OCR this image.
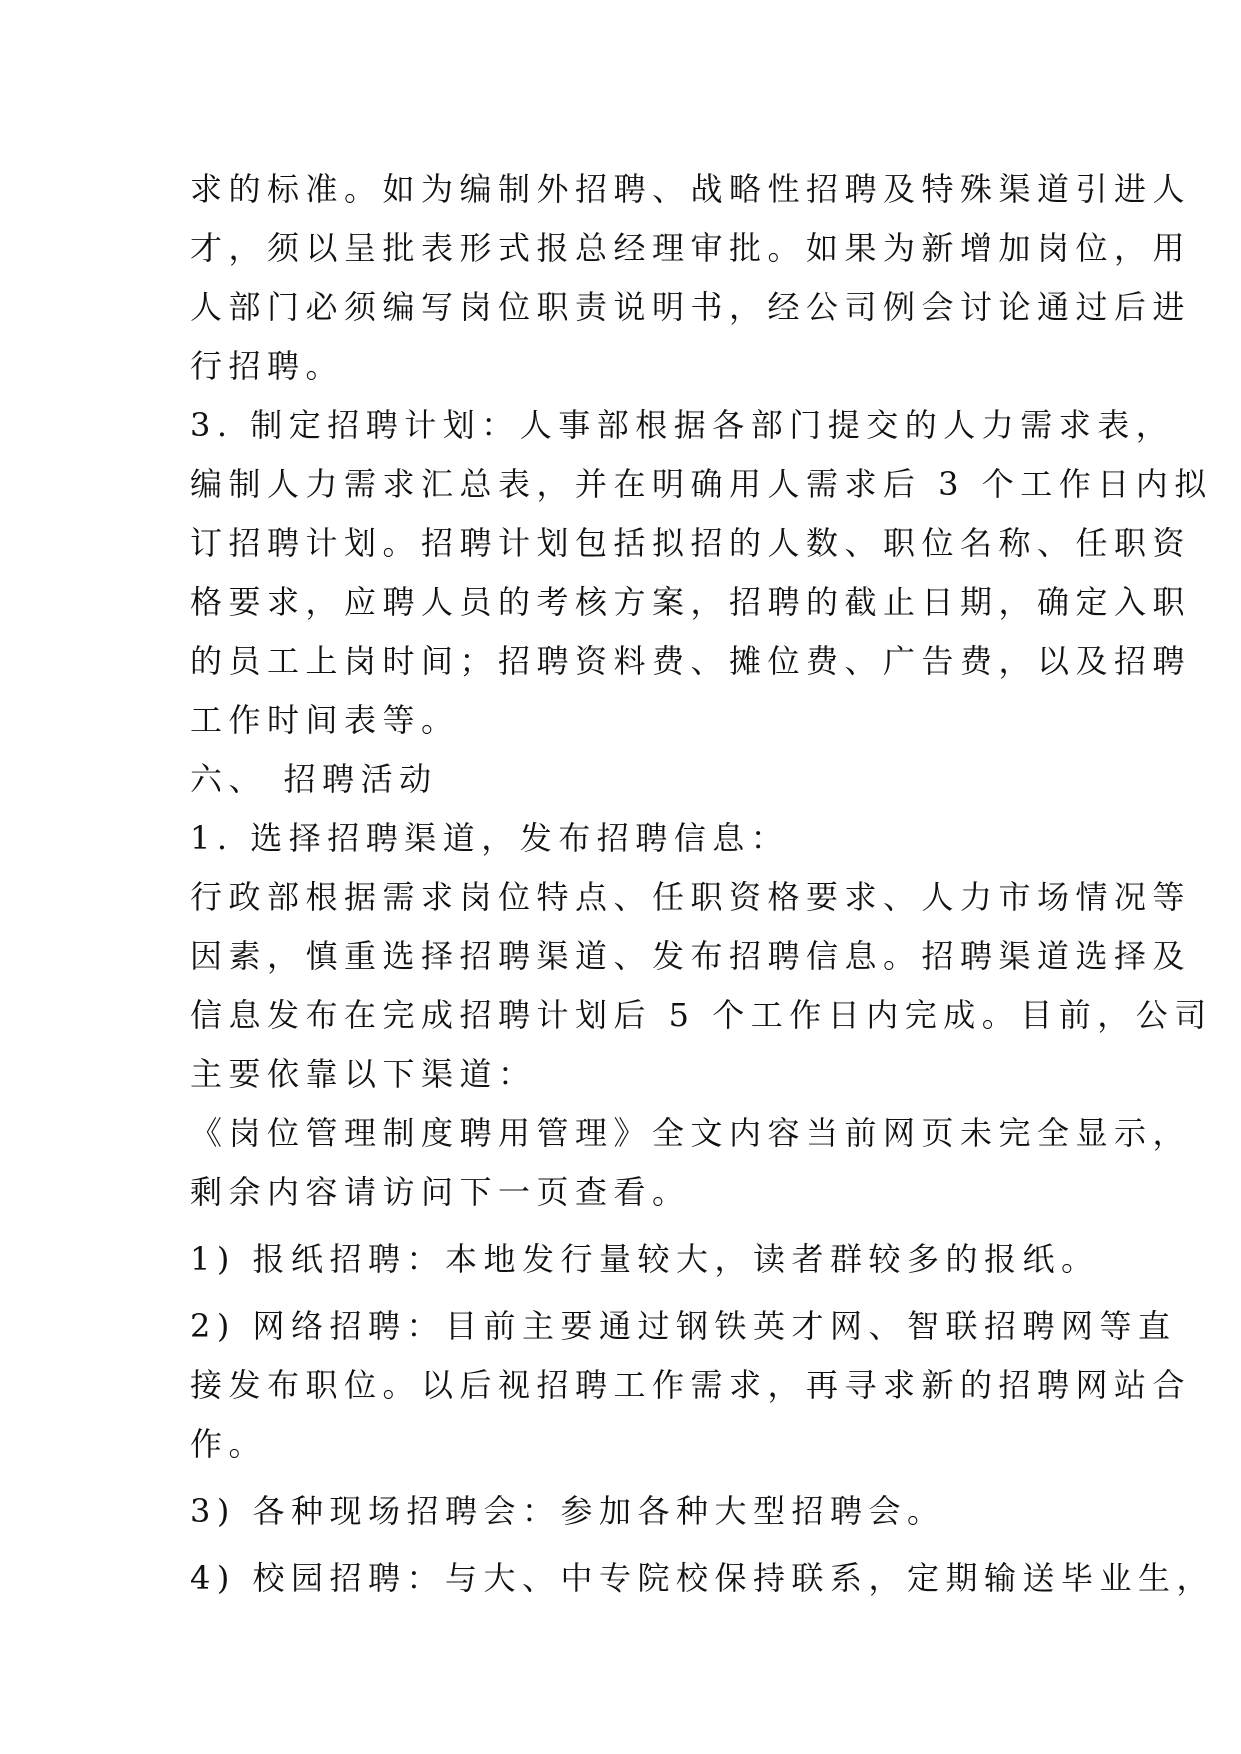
求的标准。如为编制外招聘、战略性招聘及特殊渠道引进人
才，须以呈批表形式报总经理审批。如果为新增加岗位，用
人部门必须编写岗位职责说明书，经公司例会讨论通过后进
行招聘。
3. 制定招聘计划：人事部根据各部门提交的人力需求表，
编制人力需求汇总表，并在明确用人需求后 3 个工作日内拟
订招聘计划。招聘计划包括拟招的人数、职位名称、任职资
格要求，应聘人员的考核方案，招聘的截止日期，确定入职
的员工上岗时间；招聘资料费、摊位费、广告费，以及招聘
工作时间表等。
六、 招聘活动
1. 选择招聘渠道，发布招聘信息：
行政部根据需求岗位特点、任职资格要求、人力市场情况等
因素，慎重选择招聘渠道、发布招聘信息。招聘渠道选择及
信息发布在完成招聘计划后 5 个工作日内完成。目前，公司
主要依靠以下渠道：
《岗位管理制度聘用管理》全文内容当前网页未完全显示，
剩余内容请访问下一页查看。
1) 报纸招聘：本地发行量较大，读者群较多的报纸。
2) 网络招聘：目前主要通过钢铁英才网、智联招聘网等直
接发布职位。以后视招聘工作需求，再寻求新的招聘网站合
作。
3) 各种现场招聘会：参加各种大型招聘会。
4) 校园招聘：与大、中专院校保持联系，定期输送毕业生，
